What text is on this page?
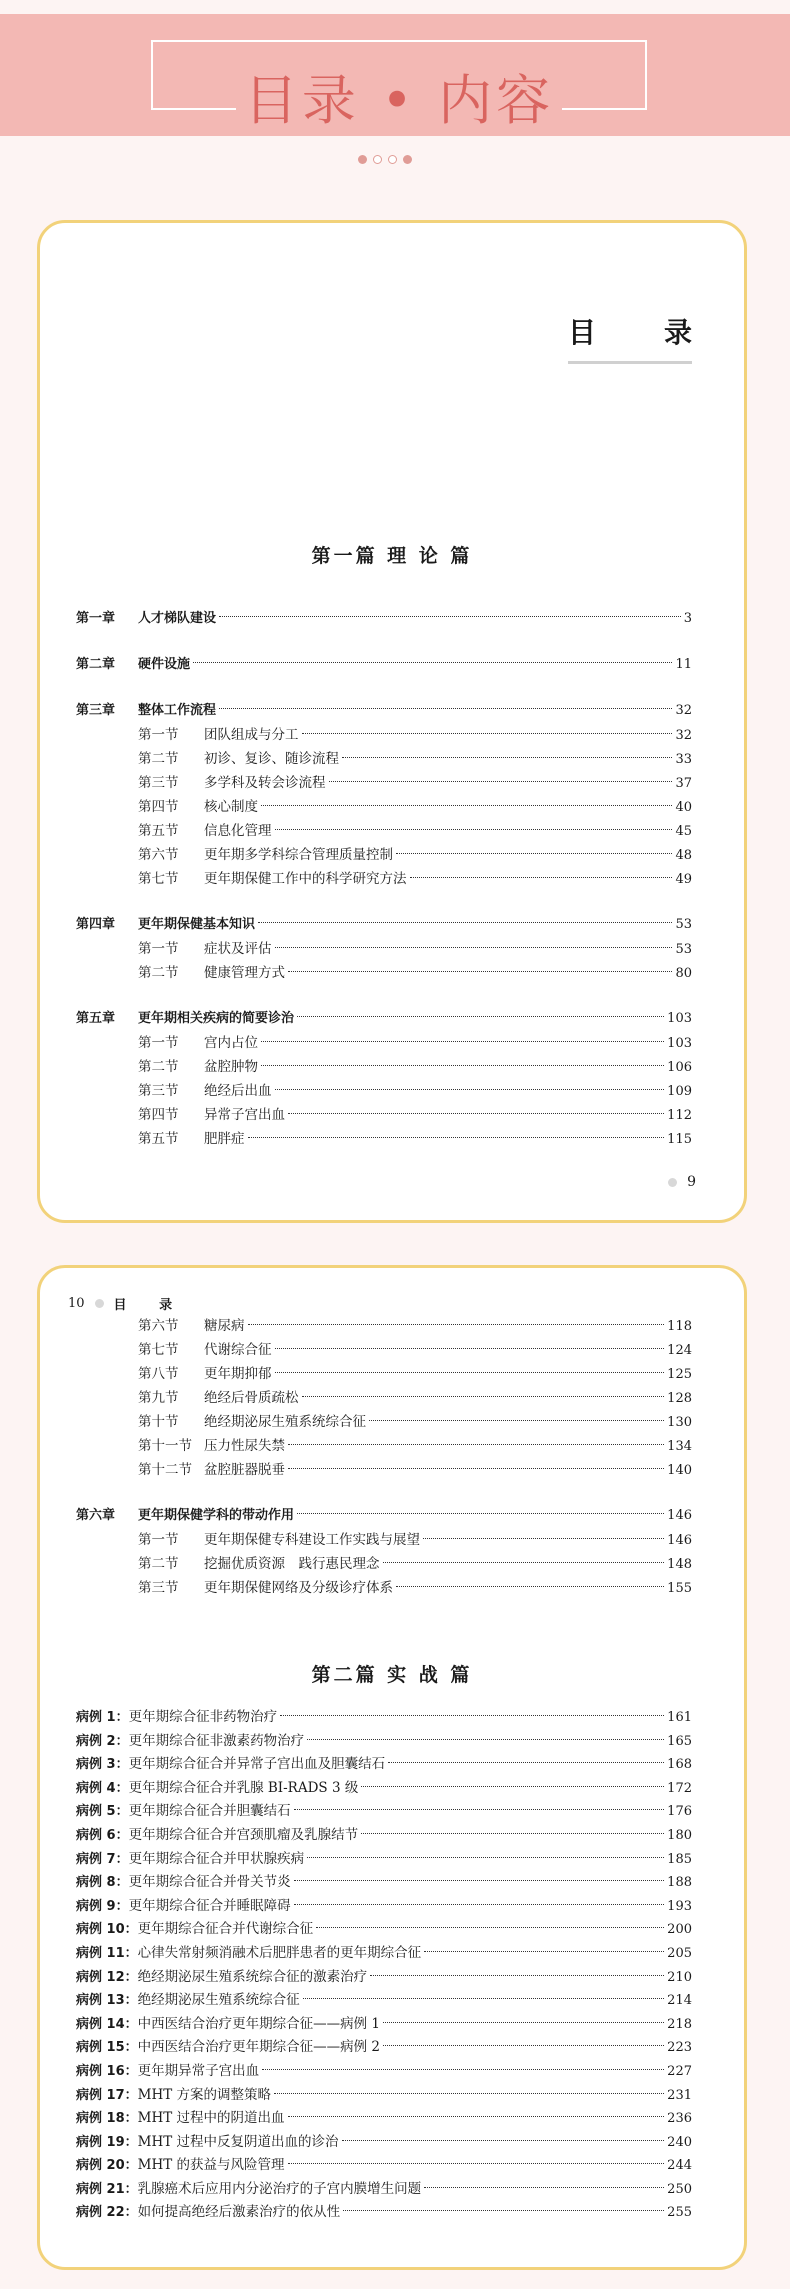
目录 • 内容
目 录
第一篇 理 论 篇
第一章	人才梯队建设	3
第二章	硬件设施	11
第三章	整体工作流程	32
第一节	团队组成与分工	32
第二节	初诊、复诊、随诊流程	33
第三节	多学科及转会诊流程	37
第四节	核心制度	40
第五节	信息化管理	45
第六节	更年期多学科综合管理质量控制	48
第七节	更年期保健工作中的科学研究方法	49
第四章	更年期保健基本知识	53
第一节	症状及评估	53
第二节	健康管理方式	80
第五章	更年期相关疾病的简要诊治	103
第一节	宫内占位	103
第二节	盆腔肿物	106
第三节	绝经后出血	109
第四节	异常子宫出血	112
第五节	肥胖症	115
9
10 目 录
第六节	糖尿病	118
第七节	代谢综合征	124
第八节	更年期抑郁	125
第九节	绝经后骨质疏松	128
第十节	绝经期泌尿生殖系统综合征	130
第十一节 压力性尿失禁	134
第十二节 盆腔脏器脱垂	140
第六章	更年期保健学科的带动作用	146
第一节	更年期保健专科建设工作实践与展望	146
第二节	挖掘优质资源　践行惠民理念	148
第三节	更年期保健网络及分级诊疗体系	155
第二篇 实 战 篇
病例 1： 更年期综合征非药物治疗	161
病例 2： 更年期综合征非激素药物治疗	165
病例 3： 更年期综合征合并异常子宫出血及胆囊结石	168
病例 4： 更年期综合征合并乳腺 BI-RADS 3 级	172
病例 5： 更年期综合征合并胆囊结石	176
病例 6： 更年期综合征合并宫颈肌瘤及乳腺结节	180
病例 7： 更年期综合征合并甲状腺疾病	185
病例 8： 更年期综合征合并骨关节炎	188
病例 9： 更年期综合征合并睡眠障碍	193
病例 10： 更年期综合征合并代谢综合征	200
病例 11： 心律失常射频消融术后肥胖患者的更年期综合征	205
病例 12： 绝经期泌尿生殖系统综合征的激素治疗	210
病例 13： 绝经期泌尿生殖系统综合征	214
病例 14： 中西医结合治疗更年期综合征——病例 1	218
病例 15： 中西医结合治疗更年期综合征——病例 2	223
病例 16： 更年期异常子宫出血	227
病例 17： MHT 方案的调整策略	231
病例 18： MHT 过程中的阴道出血	236
病例 19： MHT 过程中反复阴道出血的诊治	240
病例 20： MHT 的获益与风险管理	244
病例 21： 乳腺癌术后应用内分泌治疗的子宫内膜增生问题	250
病例 22： 如何提高绝经后激素治疗的依从性	255
